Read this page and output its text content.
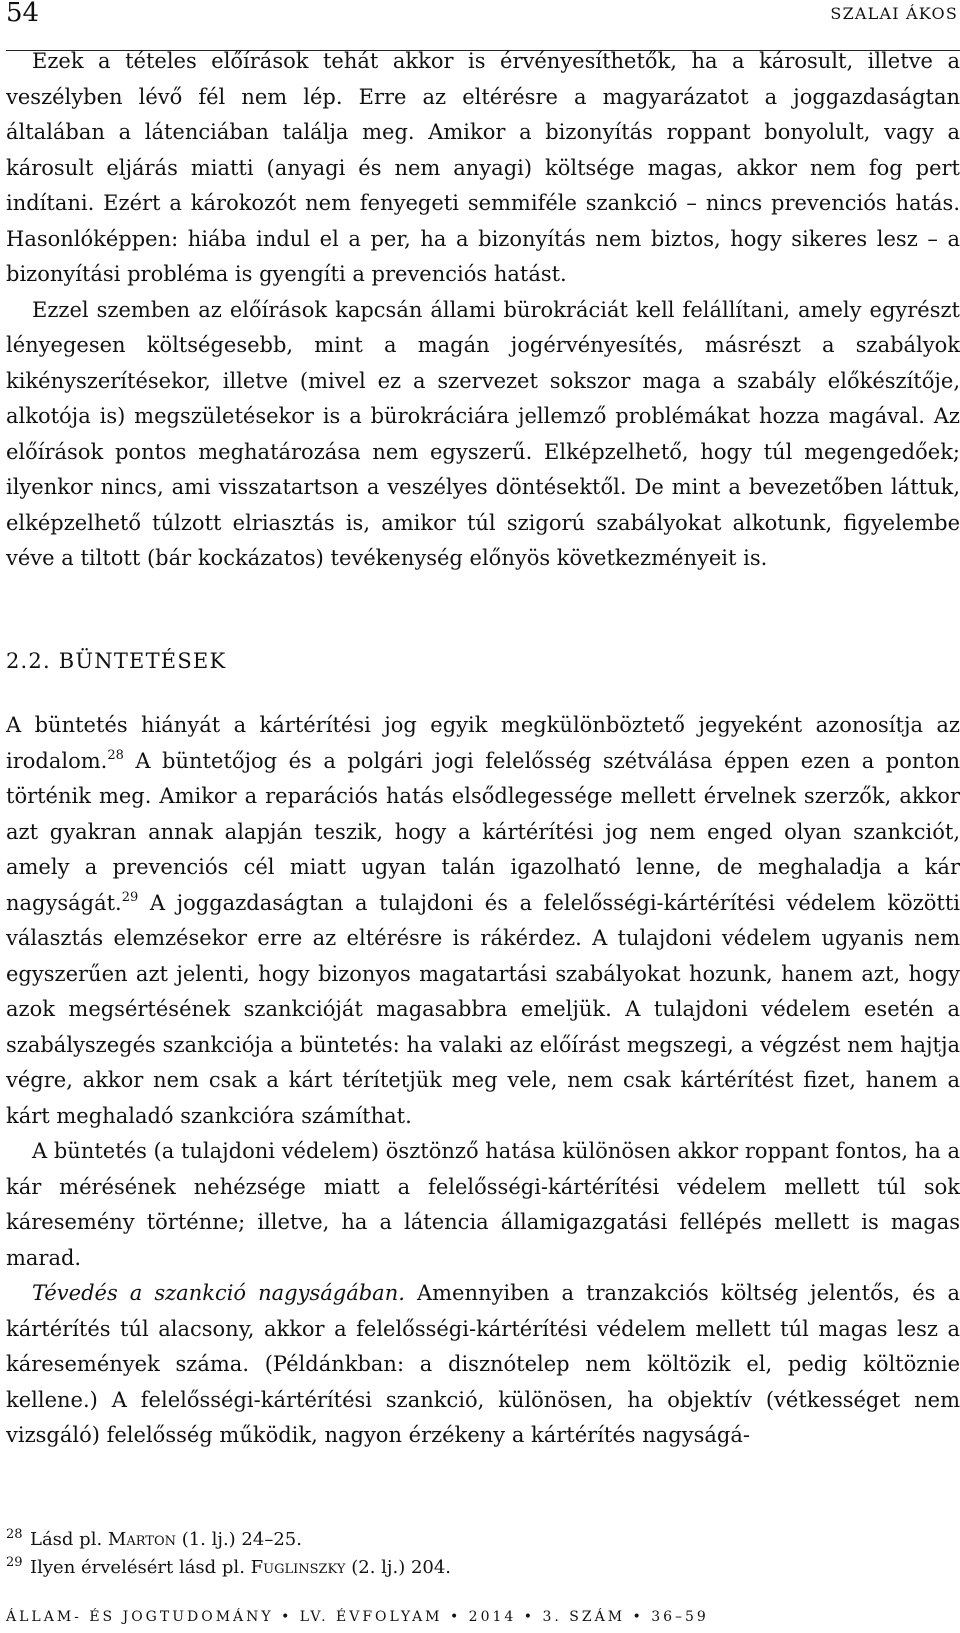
54	SZALAI ÁKOS

Ezek a tételes előírások tehát akkor is érvényesíthetők, ha a károsult, illetve a veszélyben lévő fél nem lép. Erre az eltérésre a magyarázatot a joggazdaságtan általában a látenciában találja meg. Amikor a bizonyítás roppant bonyolult, vagy a károsult eljárás miatti (anyagi és nem anyagi) költsége magas, akkor nem fog pert indítani. Ezért a károkozót nem fenyegeti semmiféle szankció – nincs prevenciós hatás. Hasonlóképpen: hiába indul el a per, ha a bizonyítás nem biztos, hogy sikeres lesz – a bizonyítási probléma is gyengíti a prevenciós hatást.

Ezzel szemben az előírások kapcsán állami bürokráciát kell felállítani, amely egyrészt lényegesen költségesebb, mint a magán jogérvényesítés, másrészt a szabályok kikényszerítésekor, illetve (mivel ez a szervezet sokszor maga a szabály előkészítője, alkotója is) megszületésekor is a bürokráciára jellemző problémákat hozza magával. Az előírások pontos meghatározása nem egyszerű. Elképzelhető, hogy túl megengedőek; ilyenkor nincs, ami visszatartson a veszélyes döntésektől. De mint a bevezetőben láttuk, elképzelhető túlzott elriasztás is, amikor túl szigorú szabályokat alkotunk, figyelembe véve a tiltott (bár kockázatos) tevékenység előnyös következményeit is.

2.2. BÜNTETÉSEK

A büntetés hiányát a kártérítési jog egyik megkülönböztető jegyeként azonosítja az irodalom.$^{28}$ A büntetőjog és a polgári jogi felelősség szétválása éppen ezen a ponton történik meg. Amikor a reparációs hatás elsődlegessége mellett érvelnek szerzők, akkor azt gyakran annak alapján teszik, hogy a kártérítési jog nem enged olyan szankciót, amely a prevenciós cél miatt ugyan talán igazolható lenne, de meghaladja a kár nagyságát.$^{29}$ A joggazdaságtan a tulajdoni és a felelősségi-kártérítési védelem közötti választás elemzésekor erre az eltérésre is rákérdez. A tulajdoni védelem ugyanis nem egyszerűen azt jelenti, hogy bizonyos magatartási szabályokat hozunk, hanem azt, hogy azok megsértésének szankcióját magasabbra emeljük. A tulajdoni védelem esetén a szabályszegés szankciója a büntetés: ha valaki az előírást megszegi, a végzést nem hajtja végre, akkor nem csak a kárt térítetjük meg vele, nem csak kártérítést fizet, hanem a kárt meghaladó szankcióra számíthat.

A büntetés (a tulajdoni védelem) ösztönző hatása különösen akkor roppant fontos, ha a kár mérésének nehézsége miatt a felelősségi-kártérítési védelem mellett túl sok káresemény történne; illetve, ha a látencia államigazgatási fellépés mellett is magas marad.

Tévedés a szankció nagyságában. Amennyiben a tranzakciós költség jelentős, és a kártérítés túl alacsony, akkor a felelősségi-kártérítési védelem mellett túl magas lesz a káresemények száma. (Példánkban: a disznótelep nem költözik el, pedig költöznie kellene.) A felelősségi-kártérítési szankció, különösen, ha objektív (vétkességet nem vizsgáló) felelősség működik, nagyon érzékeny a kártérítés nagyságá-

28 Lásd pl. Marton (1. lj.) 24–25.
29 Ilyen érvelésért lásd pl. Fuglinszky (2. lj.) 204.
ÁLLAM- ÉS JOGTUDOMÁNY • LV. ÉVFOLYAM • 2014 • 3. SZÁM • 36–59
